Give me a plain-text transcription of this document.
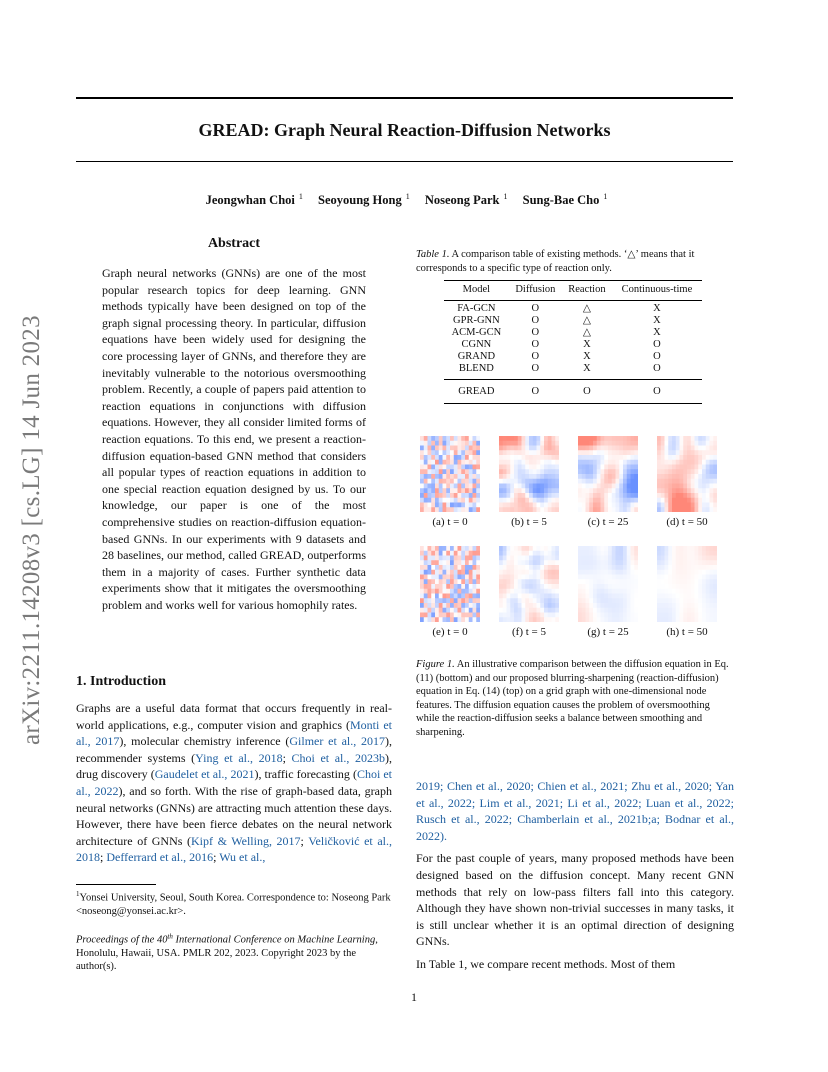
GREAD: Graph Neural Reaction-Diffusion Networks
Jeongwhan Choi $^1$ Seoyoung Hong $^1$ Noseong Park $^1$ Sung-Bae Cho $^1$
arXiv:2211.14208v3 [cs.LG] 14 Jun 2023
Abstract
Graph neural networks (GNNs) are one of the most popular research topics for deep learning. GNN methods typically have been designed on top of the graph signal processing theory. In particular, diffusion equations have been widely used for designing the core processing layer of GNNs, and therefore they are inevitably vulnerable to the notorious oversmoothing problem. Recently, a couple of papers paid attention to reaction equations in conjunctions with diffusion equations. However, they all consider limited forms of reaction equations. To this end, we present a reaction-diffusion equation-based GNN method that considers all popular types of reaction equations in addition to one special reaction equation designed by us. To our knowledge, our paper is one of the most comprehensive studies on reaction-diffusion equation-based GNNs. In our experiments with 9 datasets and 28 baselines, our method, called GREAD, outperforms them in a majority of cases. Further synthetic data experiments show that it mitigates the oversmoothing problem and works well for various homophily rates.
1. Introduction
Graphs are a useful data format that occurs frequently in real-world applications, e.g., computer vision and graphics (Monti et al., 2017), molecular chemistry inference (Gilmer et al., 2017), recommender systems (Ying et al., 2018; Choi et al., 2023b), drug discovery (Gaudelet et al., 2021), traffic forecasting (Choi et al., 2022), and so forth. With the rise of graph-based data, graph neural networks (GNNs) are attracting much attention these days. However, there have been fierce debates on the neural network architecture of GNNs (Kipf & Welling, 2017; Veličković et al., 2018; Defferrard et al., 2016; Wu et al.,
$^1$Yonsei University, Seoul, South Korea. Correspondence to: Noseong Park <noseong@yonsei.ac.kr>.
Proceedings of the 40th International Conference on Machine Learning, Honolulu, Hawaii, USA. PMLR 202, 2023. Copyright 2023 by the author(s).
1
Table 1. A comparison table of existing methods. ‘△’ means that it corresponds to a specific type of reaction only.
Model	Diffusion	Reaction	Continuous-time
FA-GCN	O	△	X
GPR-GNN	O	△	X
ACM-GCN	O	△	X
CGNN	O	X	O
GRAND	O	X	O
BLEND	O	X	O
GREAD	O	O	O
(a) t = 0	(b) t = 5	(c) t = 25	(d) t = 50
(e) t = 0	(f) t = 5	(g) t = 25	(h) t = 50
Figure 1. An illustrative comparison between the diffusion equation in Eq. (11) (bottom) and our proposed blurring-sharpening (reaction-diffusion) equation in Eq. (14) (top) on a grid graph with one-dimensional node features. The diffusion equation causes the problem of oversmoothing while the reaction-diffusion seeks a balance between smoothing and sharpening.

2019; Chen et al., 2020; Chien et al., 2021; Zhu et al., 2020; Yan et al., 2022; Lim et al., 2021; Li et al., 2022; Luan et al., 2022; Rusch et al., 2022; Chamberlain et al., 2021b;a; Bodnar et al., 2022).

For the past couple of years, many proposed methods have been designed based on the diffusion concept. Many recent GNN methods that rely on low-pass filters fall into this category. Although they have shown non-trivial successes in many tasks, it is still unclear whether it is an optimal direction of designing GNNs.

In Table 1, we compare recent methods. Most of them
